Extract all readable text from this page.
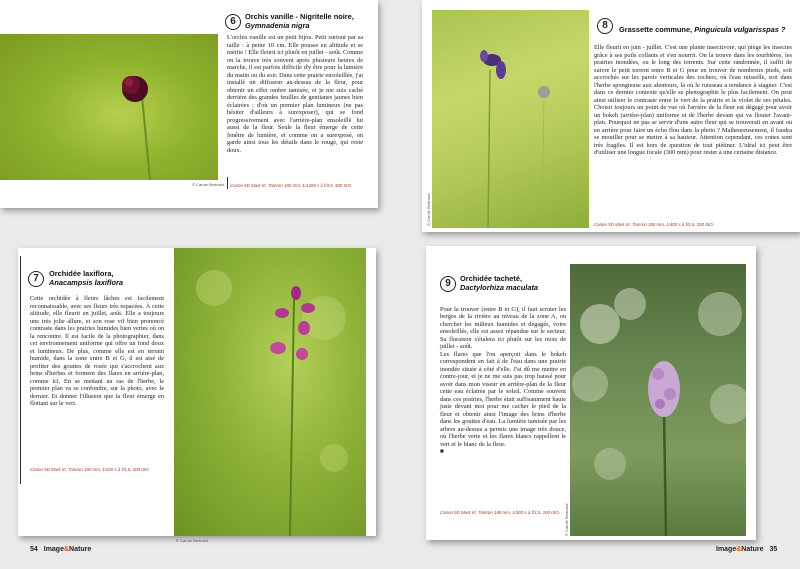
© Carole Bertrand
6	Orchis vanille - Nigritelle noire,
Gymnadenia nigra
L'orchis vanille est un petit bijou. Petit surtout par sa taille : à peine 10 cm. Elle pousse en altitude et se mérite ! Elle fleurit ici plutôt en juillet - août. Comme on la trouve très souvent après plusieurs heures de marche, il est parfois difficile d'y être pour la lumière du matin ou du soir. Dans cette prairie ensoleillée, j'ai installé un diffuseur au-dessus de la fleur, pour obtenir un effet ombre tamisée, et je me suis caché derrière des grandes feuilles de gentianes jaunes bien éclairées : d'où un premier plan lumineux (ne pas hésiter d'ailleurs à surexposer), qui se fond progressivement avec l'arrière-plan ensoleillé lui aussi de la fleur. Seule la fleur émerge de cette fenêtre de lumière, et comme on a surexposé, on garde ainsi tous les détails dans le rouge, qui reste doux.
Canon 5D Mark III, Tamron 180 mm, 1/1400 s à f/3,5, 400 ISO.
© Carole Bertrand
8	Grassette commune, Pinguicula vulgarisspas ?
Elle fleurit en juin - juillet. C'est une plante insectivore, qui piège les insectes grâce à ses poils collants et s'en nourrit. On la trouve dans les tourbières, les prairies inondées, ou le long des torrents. Sur cette randonnée, il suffit de suivre le petit torrent entre B et G pour en trouver de nombreux pieds, soit accrochés sur les parois verticales des rochers, où l'eau ruisselle, soit dans l'herbe spongieuse aux alentours, là où le ruisseau a tendance à stagner. C'est dans ce dernier contexte qu'elle se photographie le plus facilement. On peut ainsi utiliser le contraste entre le vert de la prairie et le violet de ses pétales. Choisir toujours un point de vue où l'arrière de la fleur est dégagé pour avoir un bokeh (arrière-plan) uniforme et de l'herbe devant qui va flouter l'avant-plan. Pourquoi ne pas se servir d'une autre fleur qui se trouverait en avant ou en arrière pour faire un écho flou dans la photo ? Malheureusement, il faudra se mouiller pour se mettre à sa hauteur. Attention cependant, ces zones sont très fragiles. Il est hors de question de tout piétiner. L'idéal ici peut être d'utiliser une longue focale (300 mm) pour rester à une certaine distance.
Canon 5D Mark III, Tamron 180 mm, 1/400 s à f/3,5, 200 ISO.
7	Orchidée laxiflora,
Anacampsis laxiflora
Cette orchidée à fleurs lâches est facilement reconnaissable, avec ses fleurs très espacées. À cette altitude, elle fleurit en juillet, août. Elle a toujours une très jolie allure, et son rose vif bien prononcé contraste dans les prairies humides bien vertes où on la rencontre. Il est facile de la photographier, dans cet environnement uniforme qui offre un fond doux et lumineux. De plus, comme elle est en terrain humide, dans la zone entre B et G, il est aisé de profiter des gouttes de rosée qui s'accrochent aux brins d'herbes et forment des flares en arrière-plan, comme ici. En se mettant au ras de l'herbe, le premier plan va se confondre, sur la photo, avec le dernier. Et donner l'illusion que la fleur émerge en flottant sur le vert.
Canon 5D Mark III, Tamron 180 mm, 1/320 s à f/3,5, 200 ISO.
© Carole Bertrand
9	Orchidée tacheté,
Dactylorhiza maculata

Pour la trouver (entre B et G), il faut scruter les berges de la rivière au niveau de la zone A, ou chercher les milieux humides et dégagés, voire ensoleillés, elle est assez répandue sur le secteur. Sa floraison s'étalera ici plutôt sur les mois de juillet - août.
Les flares que l'on aperçoit dans le bokeh correspondent en fait à de l'eau dans une prairie inondée située à côté d'elle. J'ai dû me mettre en contre-jour, et je ne me suis pas trop baissé pour avoir dans mon viseur en arrière-plan de la fleur cette eau éclairée par le soleil. Comme souvent dans ces prairies, l'herbe était suffisamment haute juste devant moi pour me cacher le pied de la fleur et obtenir ainsi l'image des brins d'herbe dans les gouttes d'eau. La lumière tamisée par les arbres au-dessus a permis une image très douce, où l'herbe verte et les flares blancs rappellent le vert et le blanc de la fleur.
■

Canon 5D Mark III, Tamron 180 mm, 1/500 s à f/3,5, 200 ISO.	© Carole Bertrand
54 Image&Nature	Image&Nature 35
